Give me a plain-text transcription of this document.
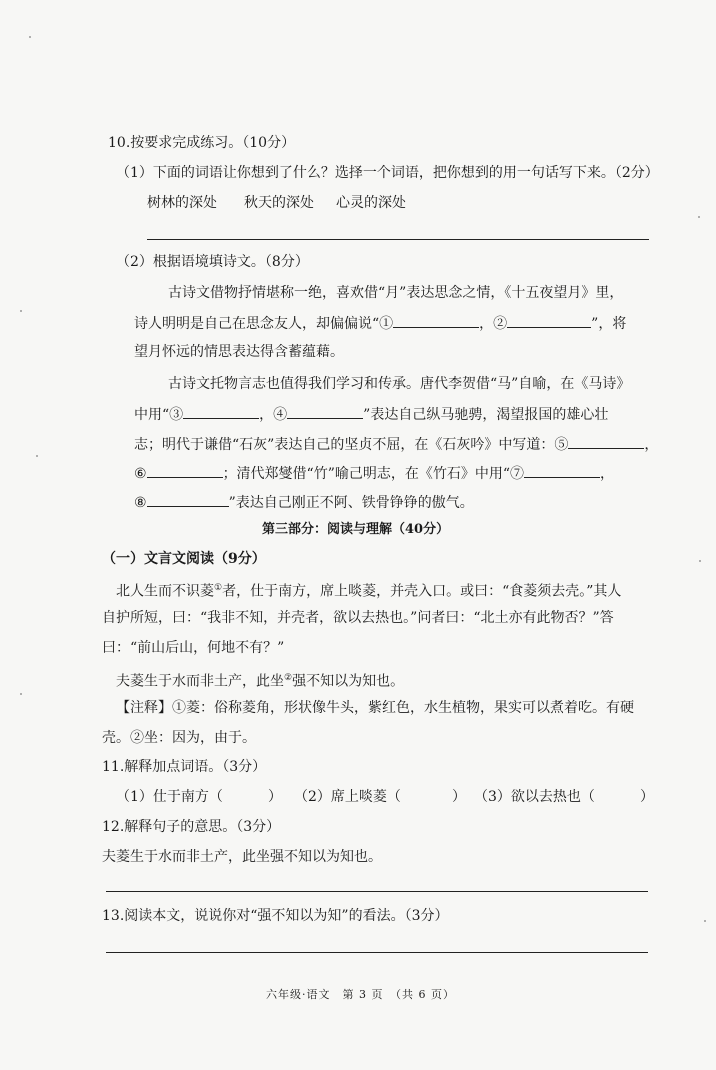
10.按要求完成练习。（10分）
（1）下面的词语让你想到了什么？选择一个词语，把你想到的用一句话写下来。（2分）
树林的深处 秋天的深处 心灵的深处
（2）根据语境填诗文。（8分）
古诗文借物抒情堪称一绝，喜欢借“月”表达思念之情，《十五夜望月》里，
诗人明明是自己在思念友人，却偏偏说“①	，②	”，将
望月怀远的情思表达得含蓄蕴藉。
古诗文托物言志也值得我们学习和传承。唐代李贺借“马”自喻，在《马诗》
中用“③	，④	”表达自己纵马驰骋，渴望报国的雄心壮
志；明代于谦借“石灰”表达自己的坚贞不屈，在《石灰吟》中写道：⑤	，
⑥	；清代郑燮借“竹”喻己明志，在《竹石》中用“⑦	，
⑧	”表达自己刚正不阿、铁骨铮铮的傲气。
第三部分：阅读与理解（40分）
（一）文言文阅读（9分）
北人生而不识菱①者，仕于南方，席上啖菱，并壳入口。或曰：“食菱须去壳。”其人
自护所短，曰：“我非不知，并壳者，欲以去热也。”问者曰：“北土亦有此物否？”答
曰：“前山后山，何地不有？”
夫菱生于水而非土产，此坐②强不知以为知也。
【注释】①菱：俗称菱角，形状像牛头，紫红色，水生植物，果实可以煮着吃。有硬
壳。②坐：因为，由于。
11.解释加点词语。（3分）
（1）仕于南方（	） （2）席上啖菱（	） （3）欲以去热也（	）
12.解释句子的意思。（3分）
夫菱生于水而非土产，此坐强不知以为知也。
13.阅读本文，说说你对“强不知以为知”的看法。（3分）
六年级·语文　第 3 页　（共 6 页）
